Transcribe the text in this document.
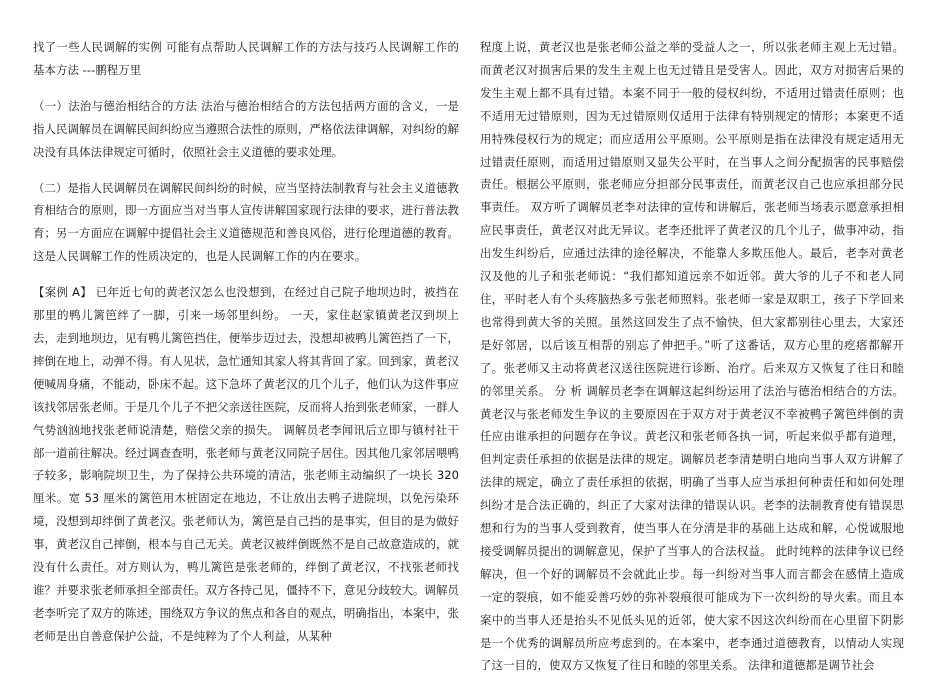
找了一些人民调解的实例 可能有点帮助人民调解工作的方法与技巧人民调解工作的基本方法 ---鹏程万里

（一）法治与德治相结合的方法 法治与德治相结合的方法包括两方面的含义，一是指人民调解员在调解民间纠纷应当遵照合法性的原则，严格依法律调解，对纠纷的解决没有具体法律规定可循时，依照社会主义道德的要求处理。

（二）是指人民调解员在调解民间纠纷的时候，应当坚持法制教育与社会主义道德教育相结合的原则，即一方面应当对当事人宣传讲解国家现行法律的要求，进行普法教育；另一方面应在调解中提倡社会主义道德规范和善良风俗，进行伦理道德的教育。这是人民调解工作的性质决定的，也是人民调解工作的内在要求。

【案例 A】 已年近七旬的黄老汉怎么也没想到，在经过自己院子地坝边时，被挡在那里的鸭儿篱笆绊了一脚，引来一场邻里纠纷。 一天，家住赵家镇黄老汉到坝上去，走到地坝边，见有鸭儿篱笆挡住，便举步迈过去，没想却被鸭儿篱笆挡了一下，摔倒在地上，动弹不得。有人见状，急忙通知其家人将其背回了家。回到家，黄老汉便喊周身痛，不能动，卧床不起。这下急坏了黄老汉的几个儿子，他们认为这件事应该找邻居张老师。于是几个儿子不把父亲送往医院，反而将人抬到张老师家，一群人气势汹汹地找张老师说清楚，赔偿父亲的损失。 调解员老李闻讯后立即与镇村社干部一道前往解决。经过调查查明，张老师与黄老汉同院子居住。因其他几家邻居喂鸭子较多，影响院坝卫生，为了保持公共环境的清洁，张老师主动编织了一块长 320 厘米。宽 53 厘米的篱笆用木桩固定在地边，不让放出去鸭子进院坝，以免污染环境，没想到却绊倒了黄老汉。张老师认为，篱笆是自己挡的是事实，但目的是为做好事，黄老汉自己摔倒，根本与自己无关。黄老汉被绊倒既然不是自己故意造成的，就没有什么责任。对方则认为，鸭儿篱笆是张老师的，绊倒了黄老汉，不找张老师找谁？并要求张老师承担全部责任。双方各持己见，僵持不下，意见分歧较大。调解员老李听完了双方的陈述，围绕双方争议的焦点和各自的观点，明确指出，本案中，张老师是出自善意保护公益，不是纯粹为了个人利益，从某种

程度上说，黄老汉也是张老师公益之举的受益人之一，所以张老师主观上无过错。而黄老汉对损害后果的发生主观上也无过错且是受害人。因此，双方对损害后果的发生主观上都不具有过错。本案不同于一般的侵权纠纷，不适用过错责任原则；也不适用无过错原则，因为无过错原则仅适用于法律有特别规定的情形；本案更不适用特殊侵权行为的规定；而应适用公平原则。公平原则是指在法律没有规定适用无过错责任原则，而适用过错原则又显失公平时，在当事人之间分配损害的民事赔偿责任。根据公平原则，张老师应分担部分民事责任，而黄老汉自己也应承担部分民事责任。 双方听了调解员老李对法律的宣传和讲解后，张老师当场表示愿意承担相应民事责任，黄老汉对此无异议。老李还批评了黄老汉的几个儿子，做事冲动，指出发生纠纷后，应通过法律的途径解决，不能靠人多欺压他人。最后，老李对黄老汉及他的儿子和张老师说：“我们都知道远亲不如近邻。黄大爷的儿子不和老人同住，平时老人有个头疼脑热多亏张老师照料。张老师一家是双职工，孩子下学回来也常得到黄大爷的关照。虽然这回发生了点不愉快，但大家都别往心里去，大家还是好邻居，以后该互相帮的别忘了伸把手。”听了这番话，双方心里的疙瘩都解开了。张老师又主动将黄老汉送往医院进行诊断、治疗。后来双方又恢复了往日和睦的邻里关系。 分 析 调解员老李在调解这起纠纷运用了法治与德治相结合的方法。黄老汉与张老师发生争议的主要原因在于双方对于黄老汉不幸被鸭子篱笆绊倒的责任应由谁承担的问题存在争议。黄老汉和张老师各执一词，听起来似乎都有道理，但判定责任承担的依据是法律的规定。调解员老李清楚明白地向当事人双方讲解了法律的规定，确立了责任承担的依据，明确了当事人应当承担何种责任和如何处理纠纷才是合法正确的，纠正了大家对法律的错误认识。老李的法制教育使有错误思想和行为的当事人受到教育，使当事人在分清是非的基础上达成和解，心悦诚服地接受调解员提出的调解意见，保护了当事人的合法权益。 此时纯粹的法律争议已经解决，但一个好的调解员不会就此止步。每一纠纷对当事人而言都会在感情上造成一定的裂痕，如不能妥善巧妙的弥补裂痕很可能成为下一次纠纷的导火索。而且本案中的当事人还是抬头不见低头见的近邻，使大家不因这次纠纷而在心里留下阴影是一个优秀的调解员所应考虑到的。在本案中，老李通过道德教育，以情动人实现了这一目的，使双方又恢复了往日和睦的邻里关系。 法律和道德都是调节社会
